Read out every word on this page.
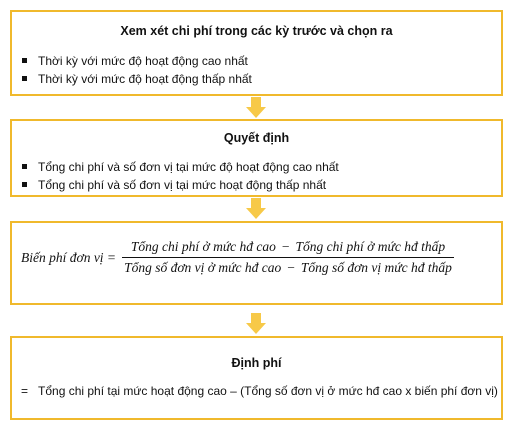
Xem xét chi phí trong các kỳ trước và chọn ra
Thời kỳ với mức độ hoạt động cao nhất
Thời kỳ với mức độ hoạt động thấp nhất
Quyết định
Tổng chi phí và số đơn vị tại mức độ hoạt động cao nhất
Tổng chi phí và số đơn vị tại mức hoạt động thấp nhất
Biến phí đơn vị = $\frac{\text{Tổng chi phí ở mức hđ cao − Tổng chi phí ở mức hđ thấp}}{\text{Tổng số đơn vị ở mức hđ cao − Tổng số đơn vị mức hđ thấp}}$
Định phí
= Tổng chi phí tại mức hoạt động cao – (Tổng số đơn vị ở mức hđ cao x biến phí đơn vị)
